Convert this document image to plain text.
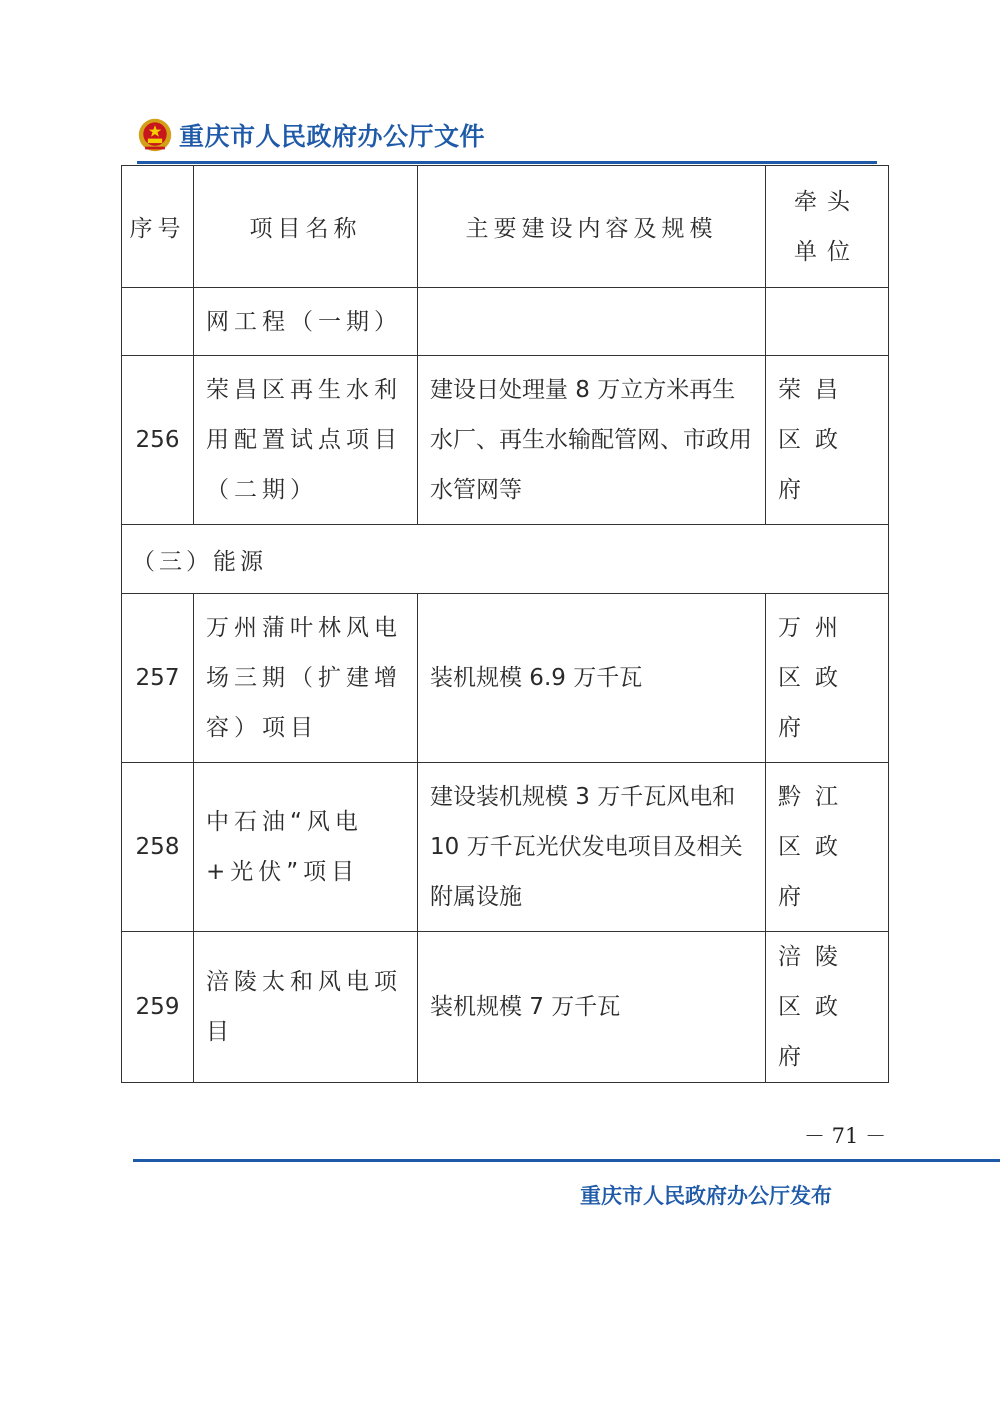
重庆市人民政府办公厅文件
序号	项目名称	主要建设内容及规模	牵头单位
	网工程（一期）		
256	荣昌区再生水利用配置试点项目（二期）	建设日处理量 8 万立方米再生水厂、再生水输配管网、市政用水管网等	荣昌区政府
（三）能源			
257	万州蒲叶林风电场三期（扩建增容）项目	装机规模 6.9 万千瓦	万州区政府
258	中石油“风电+光伏”项目	建设装机规模 3 万千瓦风电和 10 万千瓦光伏发电项目及相关附属设施	黔江区政府
259	涪陵太和风电项目	装机规模 7 万千瓦	涪陵区政府
－ 71 －
重庆市人民政府办公厅发布
